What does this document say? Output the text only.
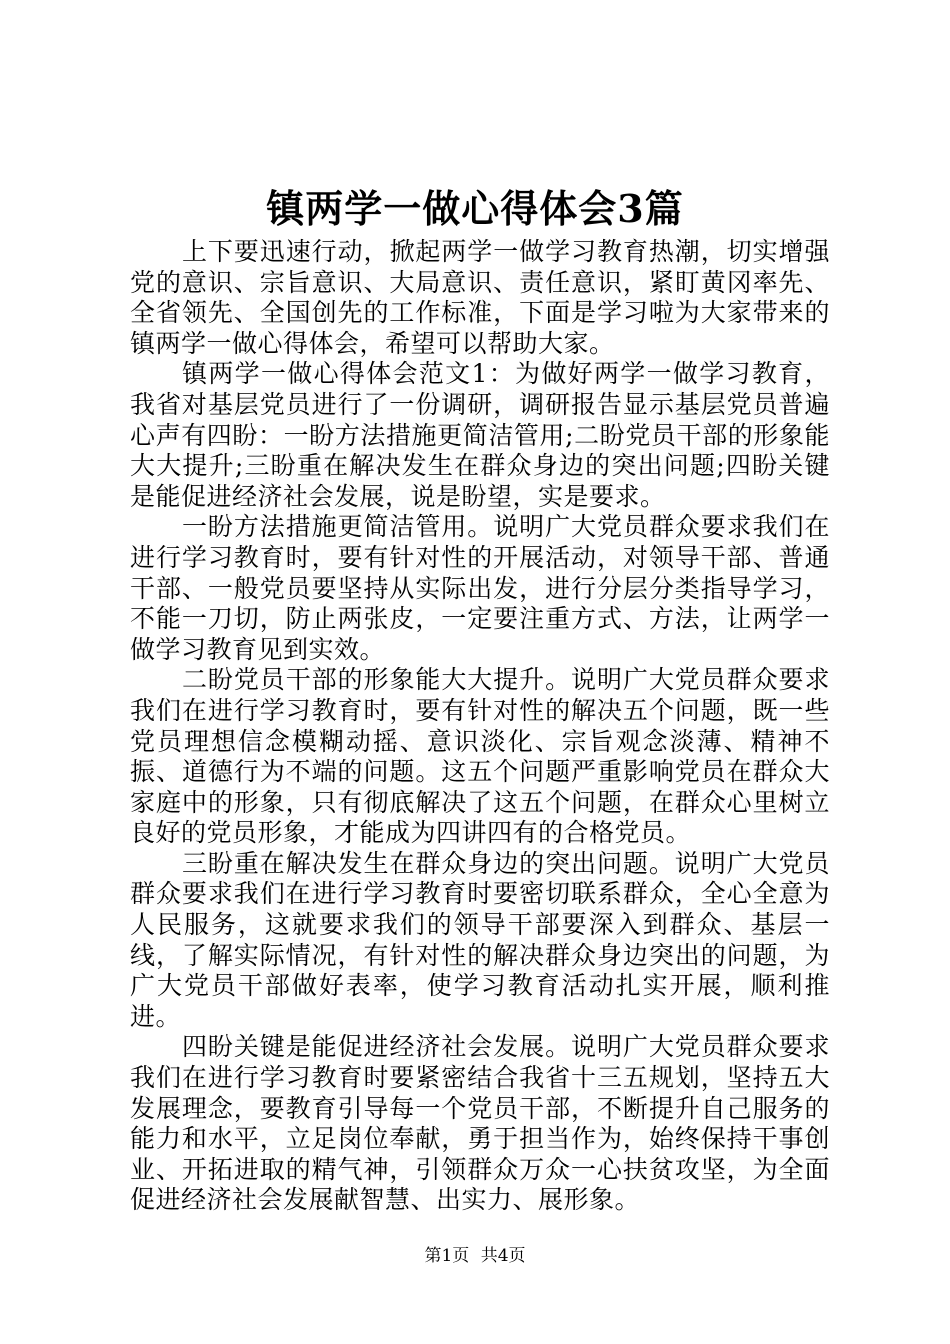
镇两学一做心得体会3篇

上下要迅速行动，掀起两学一做学习教育热潮，切实增强党的意识、宗旨意识、大局意识、责任意识，紧盯黄冈率先、全省领先、全国创先的工作标准，下面是学习啦为大家带来的镇两学一做心得体会，希望可以帮助大家。

镇两学一做心得体会范文1：为做好两学一做学习教育，我省对基层党员进行了一份调研，调研报告显示基层党员普遍心声有四盼：一盼方法措施更简洁管用;二盼党员干部的形象能大大提升;三盼重在解决发生在群众身边的突出问题;四盼关键是能促进经济社会发展，说是盼望，实是要求。

一盼方法措施更简洁管用。说明广大党员群众要求我们在进行学习教育时，要有针对性的开展活动，对领导干部、普通干部、一般党员要坚持从实际出发，进行分层分类指导学习，不能一刀切，防止两张皮，一定要注重方式、方法，让两学一做学习教育见到实效。

二盼党员干部的形象能大大提升。说明广大党员群众要求我们在进行学习教育时，要有针对性的解决五个问题，既一些党员理想信念模糊动摇、意识淡化、宗旨观念淡薄、精神不振、道德行为不端的问题。这五个问题严重影响党员在群众大家庭中的形象，只有彻底解决了这五个问题，在群众心里树立良好的党员形象，才能成为四讲四有的合格党员。

三盼重在解决发生在群众身边的突出问题。说明广大党员群众要求我们在进行学习教育时要密切联系群众，全心全意为人民服务，这就要求我们的领导干部要深入到群众、基层一线，了解实际情况，有针对性的解决群众身边突出的问题，为广大党员干部做好表率，使学习教育活动扎实开展，顺利推进。

四盼关键是能促进经济社会发展。说明广大党员群众要求我们在进行学习教育时要紧密结合我省十三五规划，坚持五大发展理念，要教育引导每一个党员干部，不断提升自己服务的能力和水平，立足岗位奉献，勇于担当作为，始终保持干事创业、开拓进取的精气神，引领群众万众一心扶贫攻坚，为全面促进经济社会发展献智慧、出实力、展形象。

第1页 共4页
